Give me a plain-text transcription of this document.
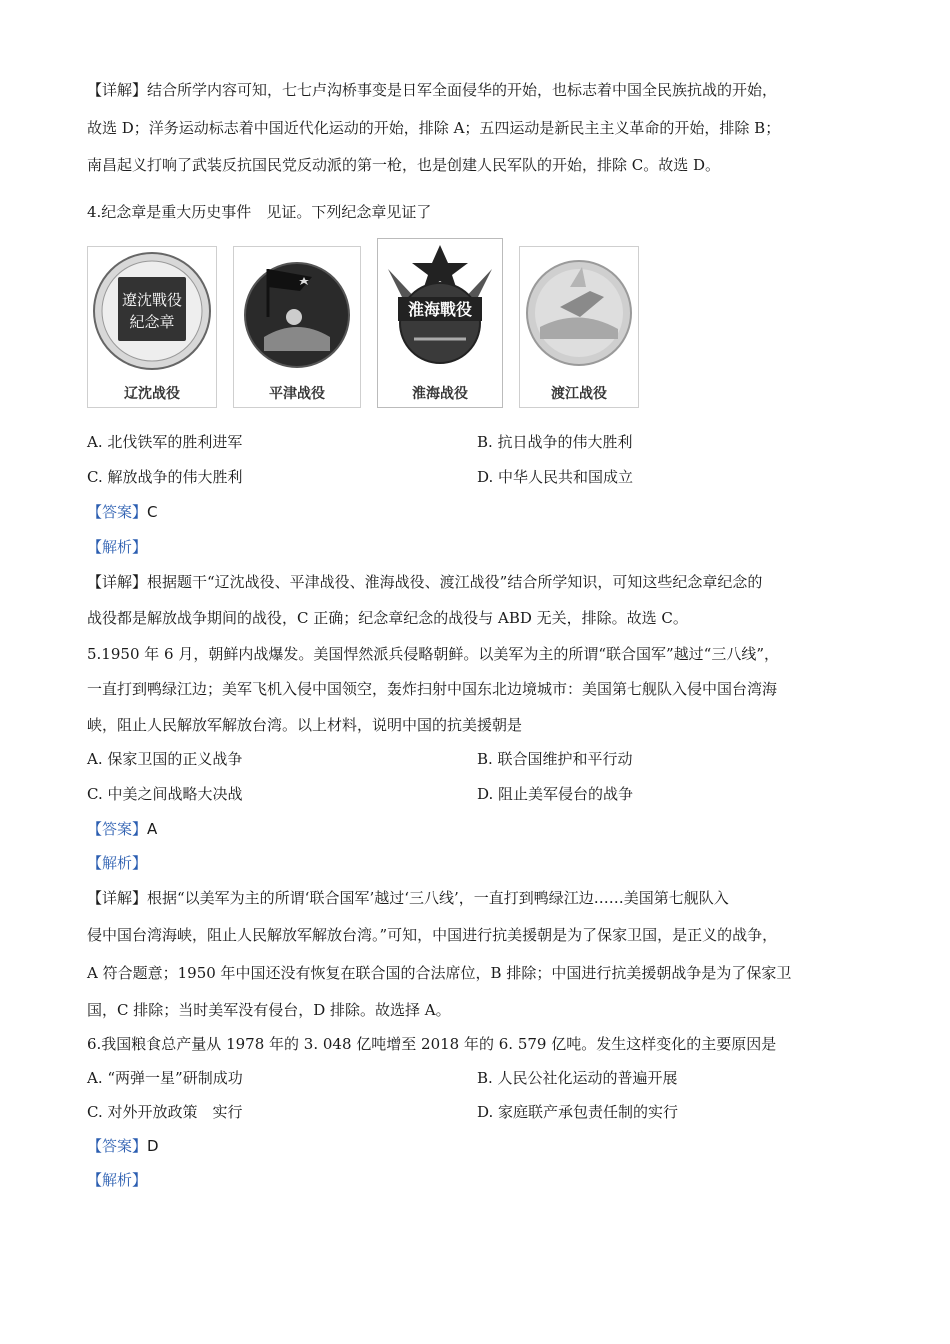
【详解】结合所学内容可知，七七卢沟桥事变是日军全面侵华的开始，也标志着中国全民族抗战的开始，
故选 D；洋务运动标志着中国近代化运动的开始，排除 A；五四运动是新民主主义革命的开始，排除 B；
南昌起义打响了武装反抗国民党反动派的第一枪，也是创建人民军队的开始，排除 C。故选 D。
4.纪念章是重大历史事件　见证。下列纪念章见证了
遼沈戰役
紀念章
辽沈战役	平津战役
淮海戰役
淮海战役	渡江战役
A. 北伐铁军的胜利进军	B. 抗日战争的伟大胜利
C. 解放战争的伟大胜利	D. 中华人民共和国成立
【答案】C
【解析】
【详解】根据题干“辽沈战役、平津战役、淮海战役、渡江战役”结合所学知识，可知这些纪念章纪念的
战役都是解放战争期间的战役，C 正确；纪念章纪念的战役与 ABD 无关，排除。故选 C。
5.1950 年 6 月，朝鲜内战爆发。美国悍然派兵侵略朝鲜。以美军为主的所谓“联合国军”越过“三八线”，
一直打到鸭绿江边；美军飞机入侵中国领空，轰炸扫射中国东北边境城市：美国第七舰队入侵中国台湾海
峡，阻止人民解放军解放台湾。以上材料，说明中国的抗美援朝是
A. 保家卫国的正义战争	B. 联合国维护和平行动
C. 中美之间战略大决战	D. 阻止美军侵台的战争
【答案】A
【解析】
【详解】根据“以美军为主的所谓‘联合国军’越过‘三八线’，一直打到鸭绿江边……美国第七舰队入
侵中国台湾海峡，阻止人民解放军解放台湾。”可知，中国进行抗美援朝是为了保家卫国，是正义的战争，
A 符合题意；1950 年中国还没有恢复在联合国的合法席位，B 排除；中国进行抗美援朝战争是为了保家卫
国，C 排除；当时美军没有侵台，D 排除。故选择 A。
6.我国粮食总产量从 1978 年的 3. 048 亿吨增至 2018 年的 6. 579 亿吨。发生这样变化的主要原因是
A. “两弹一星”研制成功	B. 人民公社化运动的普遍开展
C. 对外开放政策　实行	D. 家庭联产承包责任制的实行
【答案】D
【解析】
